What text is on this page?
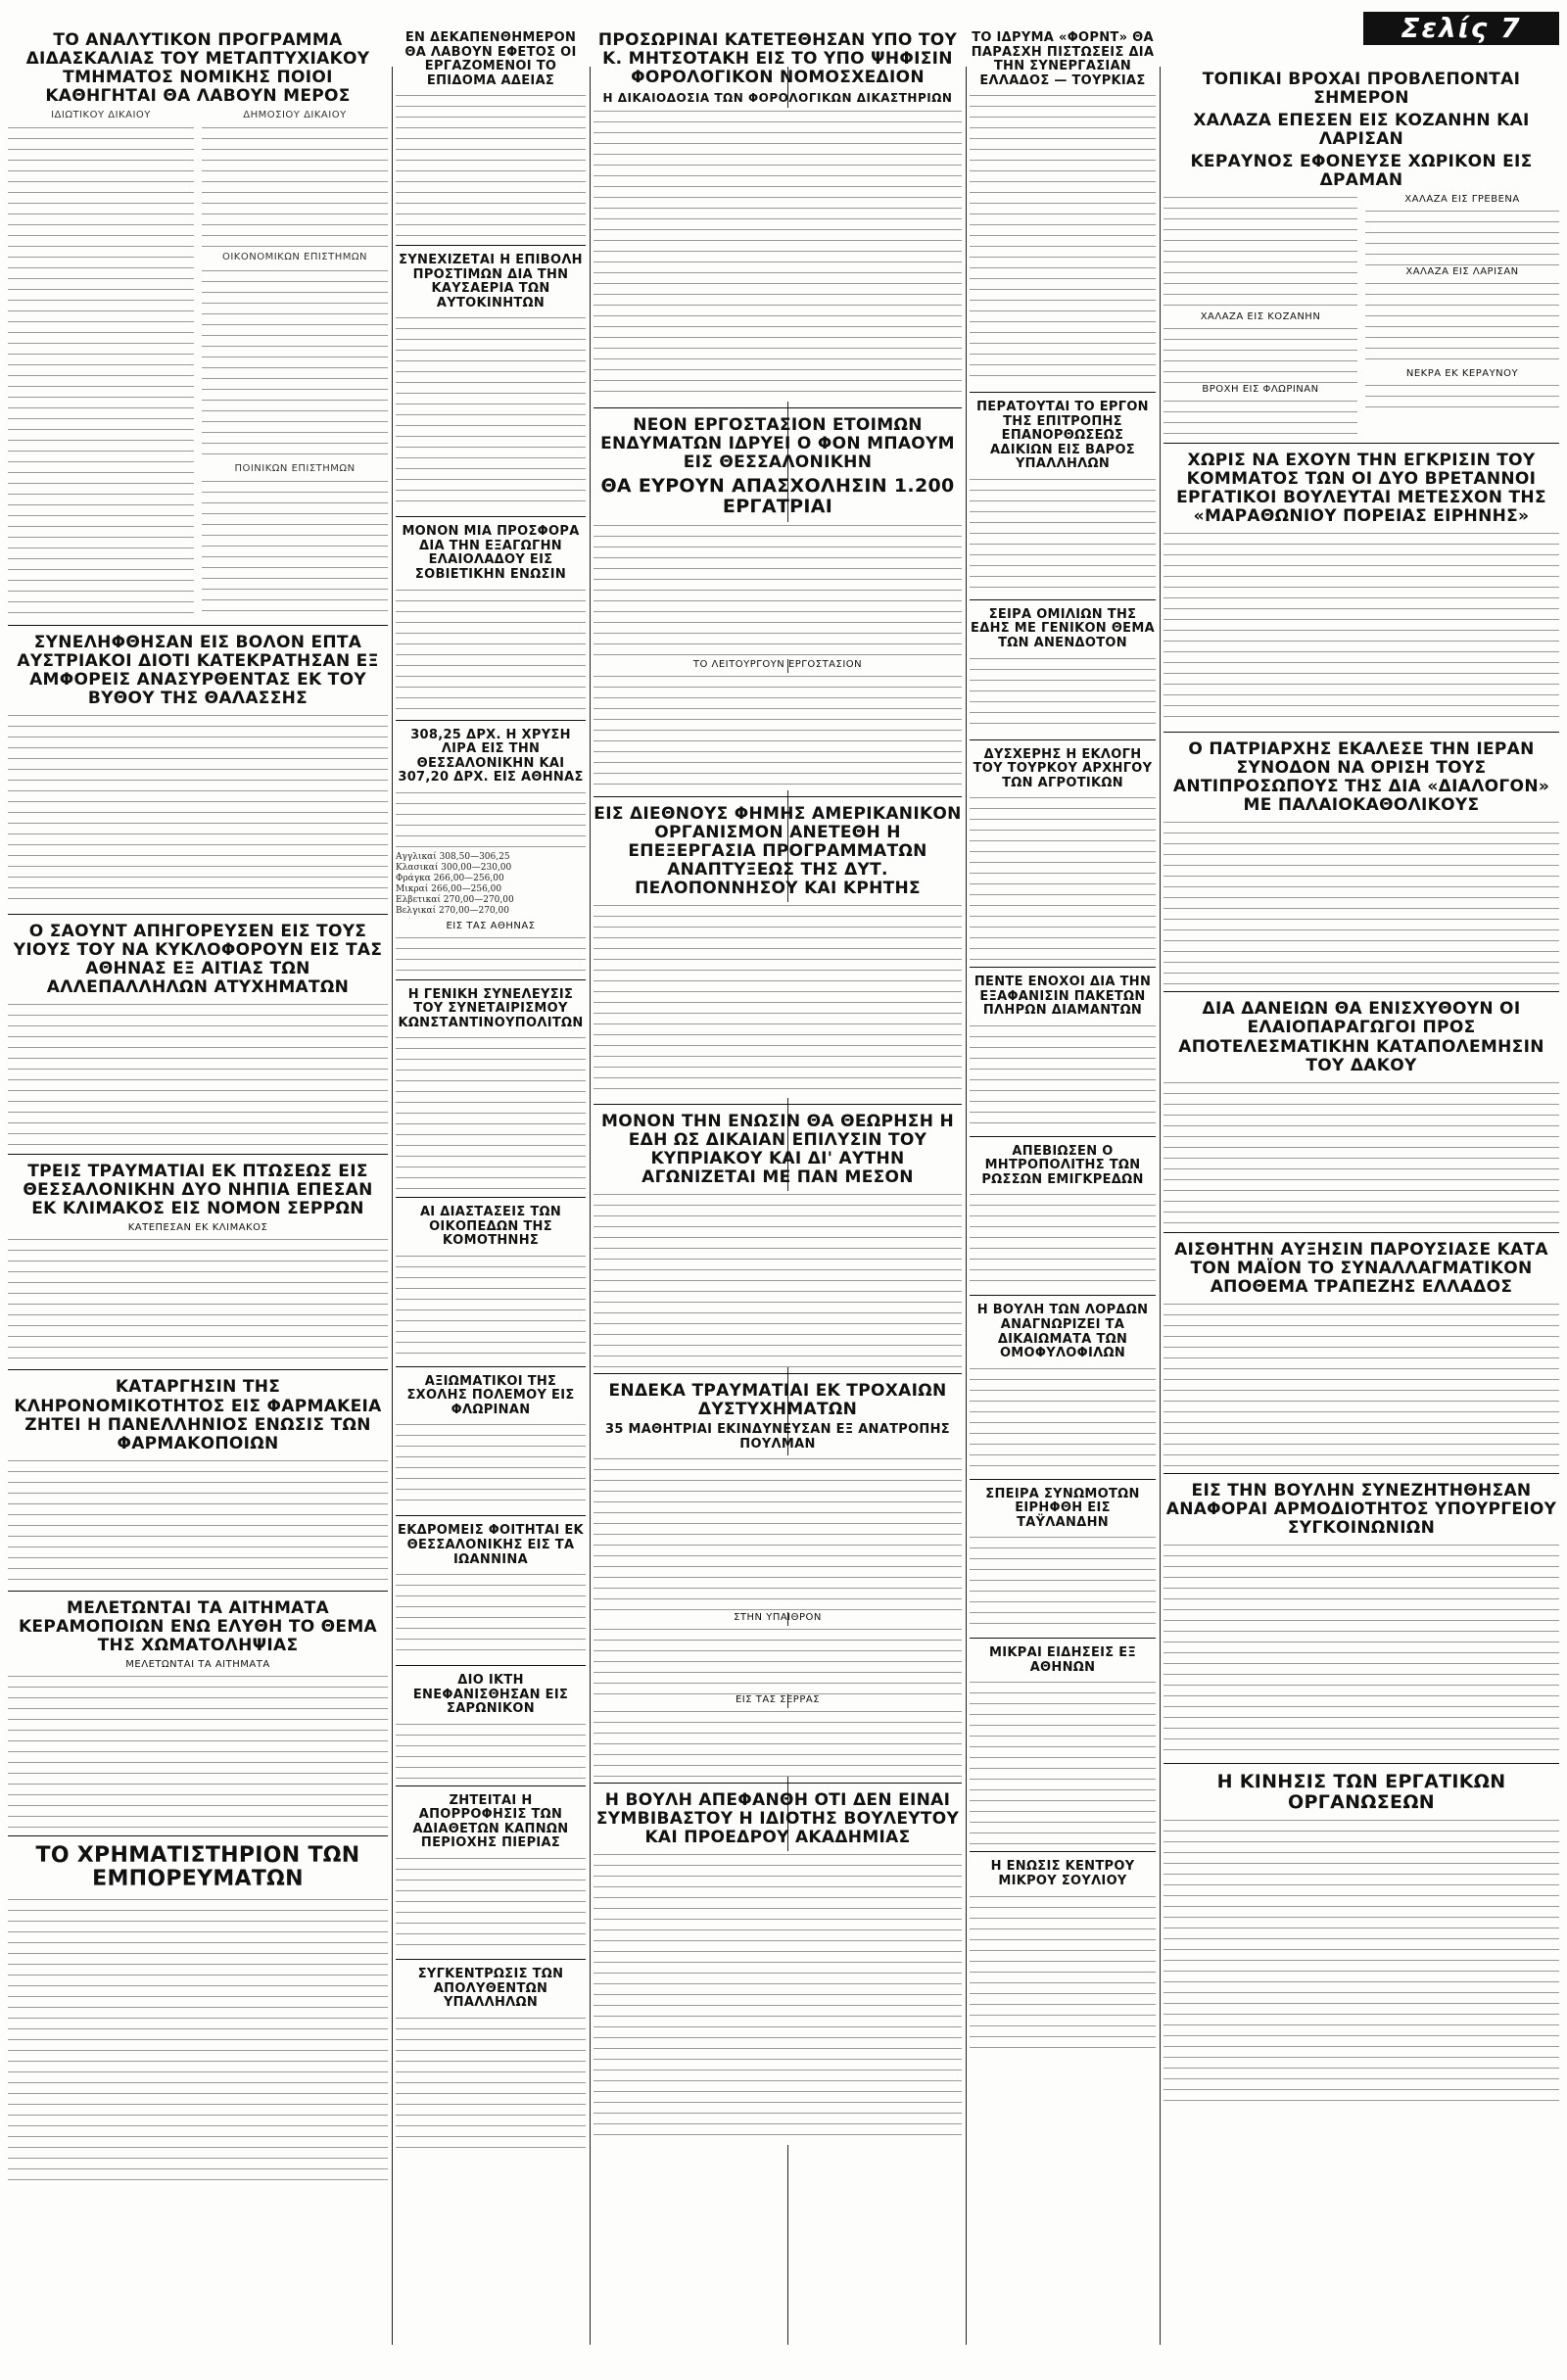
Σελίς 7
ΤΟ ΑΝΑΛΥΤΙΚΟΝ ΠΡΟΓΡΑΜΜΑ ΔΙΔΑΣΚΑΛΙΑΣ ΤΟΥ ΜΕΤΑΠΤΥΧΙΑΚΟΥ ΤΜΗΜΑΤΟΣ ΝΟΜΙΚΗΣ ΠΟΙΟΙ ΚΑΘΗΓΗΤΑΙ ΘΑ ΛΑΒΟΥΝ ΜΕΡΟΣ
ΙΔΙΩΤΙΚΟΥ ΔΙΚΑΙΟΥ	ΔΗΜΟΣΙΟΥ ΔΙΚΑΙΟΥ
ΟΙΚΟΝΟΜΙΚΩΝ ΕΠΙΣΤΗΜΩΝ
ΠΟΙΝΙΚΩΝ ΕΠΙΣΤΗΜΩΝ
ΣΥΝΕΛΗΦΘΗΣΑΝ ΕΙΣ ΒΟΛΟΝ ΕΠΤΑ ΑΥΣΤΡΙΑΚΟΙ ΔΙΟΤΙ ΚΑΤΕΚΡΑΤΗΣΑΝ ΕΞ ΑΜΦΟΡΕΙΣ ΑΝΑΣΥΡΘΕΝΤΑΣ ΕΚ ΤΟΥ ΒΥΘΟΥ ΤΗΣ ΘΑΛΑΣΣΗΣ
Ο ΣΑΟΥΝΤ ΑΠΗΓΟΡΕΥΣΕΝ ΕΙΣ ΤΟΥΣ ΥΙΟΥΣ ΤΟΥ ΝΑ ΚΥΚΛΟΦΟΡΟΥΝ ΕΙΣ ΤΑΣ ΑΘΗΝΑΣ ΕΞ ΑΙΤΙΑΣ ΤΩΝ ΑΛΛΕΠΑΛΛΗΛΩΝ ΑΤΥΧΗΜΑΤΩΝ
ΤΡΕΙΣ ΤΡΑΥΜΑΤΙΑΙ ΕΚ ΠΤΩΣΕΩΣ ΕΙΣ ΘΕΣΣΑΛΟΝΙΚΗΝ ΔΥΟ ΝΗΠΙΑ ΕΠΕΣΑΝ ΕΚ ΚΛΙΜΑΚΟΣ ΕΙΣ ΝΟΜΟΝ ΣΕΡΡΩΝ
ΚΑΤΕΠΕΣΑΝ ΕΚ ΚΛΙΜΑΚΟΣ
ΚΑΤΑΡΓΗΣΙΝ ΤΗΣ ΚΛΗΡΟΝΟΜΙΚΟΤΗΤΟΣ ΕΙΣ ΦΑΡΜΑΚΕΙΑ ΖΗΤΕΙ Η ΠΑΝΕΛΛΗΝΙΟΣ ΕΝΩΣΙΣ ΤΩΝ ΦΑΡΜΑΚΟΠΟΙΩΝ
ΜΕΛΕΤΩΝΤΑΙ ΤΑ ΑΙΤΗΜΑΤΑ ΚΕΡΑΜΟΠΟΙΩΝ ΕΝΩ ΕΛΥΘΗ ΤΟ ΘΕΜΑ ΤΗΣ ΧΩΜΑΤΟΛΗΨΙΑΣ
ΜΕΛΕΤΩΝΤΑΙ ΤΑ ΑΙΤΗΜΑΤΑ
ΤΟ ΧΡΗΜΑΤΙΣΤΗΡΙΟΝ ΤΩΝ ΕΜΠΟΡΕΥΜΑΤΩΝ
ΕΝ ΔΕΚΑΠΕΝΘΗΜΕΡΟΝ ΘΑ ΛΑΒΟΥΝ ΕΦΕΤΟΣ ΟΙ ΕΡΓΑΖΟΜΕΝΟΙ ΤΟ ΕΠΙΔΟΜΑ ΑΔΕΙΑΣ
ΣΥΝΕΧΙΖΕΤΑΙ Η ΕΠΙΒΟΛΗ ΠΡΟΣΤΙΜΩΝ ΔΙΑ ΤΗΝ ΚΑΥΣΑΕΡΙΑ ΤΩΝ ΑΥΤΟΚΙΝΗΤΩΝ
ΜΟΝΟΝ ΜΙΑ ΠΡΟΣΦΟΡΑ ΔΙΑ ΤΗΝ ΕΞΑΓΩΓΗΝ ΕΛΑΙΟΛΑΔΟΥ ΕΙΣ ΣΟΒΙΕΤΙΚΗΝ ΕΝΩΣΙΝ
308,25 ΔΡΧ. Η ΧΡΥΣΗ ΛΙΡΑ ΕΙΣ ΤΗΝ ΘΕΣΣΑΛΟΝΙΚΗΝ ΚΑΙ 307,20 ΔΡΧ. ΕΙΣ ΑΘΗΝΑΣ
Αγγλικαί 308,50—306,25
Κλασικαί 300,00—230,00
Φράγκα 266,00—256,00
Μικραί 266,00—256,00
Ελβετικαί 270,00—270,00
Βελγικαί 270,00—270,00
ΕΙΣ ΤΑΣ ΑΘΗΝΑΣ
Η ΓΕΝΙΚΗ ΣΥΝΕΛΕΥΣΙΣ ΤΟΥ ΣΥΝΕΤΑΙΡΙΣΜΟΥ ΚΩΝΣΤΑΝΤΙΝΟΥΠΟΛΙΤΩΝ
ΑΙ ΔΙΑΣΤΑΣΕΙΣ ΤΩΝ ΟΙΚΟΠΕΔΩΝ ΤΗΣ ΚΟΜΟΤΗΝΗΣ
ΑΞΙΩΜΑΤΙΚΟΙ ΤΗΣ ΣΧΟΛΗΣ ΠΟΛΕΜΟΥ ΕΙΣ ΦΛΩΡΙΝΑΝ
ΕΚΔΡΟΜΕΙΣ ΦΟΙΤΗΤΑΙ ΕΚ ΘΕΣΣΑΛΟΝΙΚΗΣ ΕΙΣ ΤΑ ΙΩΑΝΝΙΝΑ
ΔΙΟ ΙΚΤΗ ΕΝΕΦΑΝΙΣΘΗΣΑΝ ΕΙΣ ΣΑΡΩΝΙΚΟΝ
ΖΗΤΕΙΤΑΙ Η ΑΠΟΡΡΟΦΗΣΙΣ ΤΩΝ ΑΔΙΑΘΕΤΩΝ ΚΑΠΝΩΝ ΠΕΡΙΟΧΗΣ ΠΙΕΡΙΑΣ
ΣΥΓΚΕΝΤΡΩΣΙΣ ΤΩΝ ΑΠΟΛΥΘΕΝΤΩΝ ΥΠΑΛΛΗΛΩΝ
ΠΡΟΣΩΡΙΝΑΙ ΚΑΤΕΤΕΘΗΣΑΝ ΥΠΟ ΤΟΥ Κ. ΜΗΤΣΟΤΑΚΗ ΕΙΣ ΤΟ ΥΠΟ ΨΗΦΙΣΙΝ ΦΟΡΟΛΟΓΙΚΟΝ ΝΟΜΟΣΧΕΔΙΟΝ
Η ΔΙΚΑΙΟΔΟΣΙΑ ΤΩΝ ΦΟΡΟΛΟΓΙΚΩΝ ΔΙΚΑΣΤΗΡΙΩΝ
ΝΕΟΝ ΕΡΓΟΣΤΑΣΙΟΝ ΕΤΟΙΜΩΝ ΕΝΔΥΜΑΤΩΝ ΙΔΡΥΕΙ Ο ΦΟΝ ΜΠΑΟΥΜ ΕΙΣ ΘΕΣΣΑΛΟΝΙΚΗΝ
ΘΑ ΕΥΡΟΥΝ ΑΠΑΣΧΟΛΗΣΙΝ 1.200 ΕΡΓΑΤΡΙΑΙ
ΤΟ ΛΕΙΤΟΥΡΓΟΥΝ ΕΡΓΟΣΤΑΣΙΟΝ
ΕΙΣ ΔΙΕΘΝΟΥΣ ΦΗΜΗΣ ΑΜΕΡΙΚΑΝΙΚΟΝ ΟΡΓΑΝΙΣΜΟΝ ΑΝΕΤΕΘΗ Η ΕΠΕΞΕΡΓΑΣΙΑ ΠΡΟΓΡΑΜΜΑΤΩΝ ΑΝΑΠΤΥΞΕΩΣ ΤΗΣ ΔΥΤ. ΠΕΛΟΠΟΝΝΗΣΟΥ ΚΑΙ ΚΡΗΤΗΣ
ΜΟΝΟΝ ΤΗΝ ΕΝΩΣΙΝ ΘΑ ΘΕΩΡΗΣΗ Η ΕΔΗ ΩΣ ΔΙΚΑΙΑΝ ΕΠΙΛΥΣΙΝ ΤΟΥ ΚΥΠΡΙΑΚΟΥ ΚΑΙ ΔΙ' ΑΥΤΗΝ ΑΓΩΝΙΖΕΤΑΙ ΜΕ ΠΑΝ ΜΕΣΟΝ
ΕΝΔΕΚΑ ΤΡΑΥΜΑΤΙΑΙ ΕΚ ΤΡΟΧΑΙΩΝ ΔΥΣΤΥΧΗΜΑΤΩΝ
35 ΜΑΘΗΤΡΙΑΙ ΕΚΙΝΔΥΝΕΥΣΑΝ ΕΞ ΑΝΑΤΡΟΠΗΣ ΠΟΥΛΜΑΝ
ΣΤΗΝ ΥΠΑΙΘΡΟΝ
ΕΙΣ ΤΑΣ ΣΕΡΡΑΣ
Η ΒΟΥΛΗ ΑΠΕΦΑΝΘΗ ΟΤΙ ΔΕΝ ΕΙΝΑΙ ΣΥΜΒΙΒΑΣΤΟΥ Η ΙΔΙΟΤΗΣ ΒΟΥΛΕΥΤΟΥ ΚΑΙ ΠΡΟΕΔΡΟΥ ΑΚΑΔΗΜΙΑΣ
ΤΟ ΙΔΡΥΜΑ «ΦΟΡΝΤ» ΘΑ ΠΑΡΑΣΧΗ ΠΙΣΤΩΣΕΙΣ ΔΙΑ ΤΗΝ ΣΥΝΕΡΓΑΣΙΑΝ ΕΛΛΑΔΟΣ — ΤΟΥΡΚΙΑΣ
ΠΕΡΑΤΟΥΤΑΙ ΤΟ ΕΡΓΟΝ ΤΗΣ ΕΠΙΤΡΟΠΗΣ ΕΠΑΝΟΡΘΩΣΕΩΣ ΑΔΙΚΙΩΝ ΕΙΣ ΒΑΡΟΣ ΥΠΑΛΛΗΛΩΝ
ΣΕΙΡΑ ΟΜΙΛΙΩΝ ΤΗΣ ΕΔΗΣ ΜΕ ΓΕΝΙΚΟΝ ΘΕΜΑ ΤΩΝ ΑΝΕΝΔΟΤΟΝ
ΔΥΣΧΕΡΗΣ Η ΕΚΛΟΓΗ ΤΟΥ ΤΟΥΡΚΟΥ ΑΡΧΗΓΟΥ ΤΩΝ ΑΓΡΟΤΙΚΩΝ
ΠΕΝΤΕ ΕΝΟΧΟΙ ΔΙΑ ΤΗΝ ΕΞΑΦΑΝΙΣΙΝ ΠΑΚΕΤΩΝ ΠΛΗΡΩΝ ΔΙΑΜΑΝΤΩΝ
ΑΠΕΒΙΩΣΕΝ Ο ΜΗΤΡΟΠΟΛΙΤΗΣ ΤΩΝ ΡΩΣΣΩΝ ΕΜΙΓΚΡΕΔΩΝ
Η ΒΟΥΛΗ ΤΩΝ ΛΟΡΔΩΝ ΑΝΑΓΝΩΡΙΖΕΙ ΤΑ ΔΙΚΑΙΩΜΑΤΑ ΤΩΝ ΟΜΟΦΥΛΟΦΙΛΩΝ
ΣΠΕΙΡΑ ΣΥΝΩΜΟΤΩΝ ΕΙΡΗΦΘΗ ΕΙΣ ΤΑΫΛΑΝΔΗΝ
ΜΙΚΡΑΙ ΕΙΔΗΣΕΙΣ ΕΞ ΑΘΗΝΩΝ
Η ΕΝΩΣΙΣ ΚΕΝΤΡΟΥ ΜΙΚΡΟΥ ΣΟΥΛΙΟΥ
ΤΟΠΙΚΑΙ ΒΡΟΧΑΙ ΠΡΟΒΛΕΠΟΝΤΑΙ ΣΗΜΕΡΟΝ
ΧΑΛΑΖΑ ΕΠΕΣΕΝ ΕΙΣ ΚΟΖΑΝΗΝ ΚΑΙ ΛΑΡΙΣΑΝ
ΚΕΡΑΥΝΟΣ ΕΦΟΝΕΥΣΕ ΧΩΡΙΚΟΝ ΕΙΣ ΔΡΑΜΑΝ
ΧΑΛΑΖΑ ΕΙΣ ΚΟΖΑΝΗΝ
ΒΡΟΧΗ ΕΙΣ ΦΛΩΡΙΝΑΝ
ΧΑΛΑΖΑ ΕΙΣ ΓΡΕΒΕΝΑ
ΧΑΛΑΖΑ ΕΙΣ ΛΑΡΙΣΑΝ
ΝΕΚΡΑ ΕΚ ΚΕΡΑΥΝΟΥ
ΧΩΡΙΣ ΝΑ ΕΧΟΥΝ ΤΗΝ ΕΓΚΡΙΣΙΝ ΤΟΥ ΚΟΜΜΑΤΟΣ ΤΩΝ ΟΙ ΔΥΟ ΒΡΕΤΑΝΝΟΙ ΕΡΓΑΤΙΚΟΙ ΒΟΥΛΕΥΤΑΙ ΜΕΤΕΣΧΟΝ ΤΗΣ «ΜΑΡΑΘΩΝΙΟΥ ΠΟΡΕΙΑΣ ΕΙΡΗΝΗΣ»
Ο ΠΑΤΡΙΑΡΧΗΣ ΕΚΑΛΕΣΕ ΤΗΝ ΙΕΡΑΝ ΣΥΝΟΔΟΝ ΝΑ ΟΡΙΣΗ ΤΟΥΣ ΑΝΤΙΠΡΟΣΩΠΟΥΣ ΤΗΣ ΔΙΑ «ΔΙΑΛΟΓΟΝ» ΜΕ ΠΑΛΑΙΟΚΑΘΟΛΙΚΟΥΣ
ΔΙΑ ΔΑΝΕΙΩΝ ΘΑ ΕΝΙΣΧΥΘΟΥΝ ΟΙ ΕΛΑΙΟΠΑΡΑΓΩΓΟΙ ΠΡΟΣ ΑΠΟΤΕΛΕΣΜΑΤΙΚΗΝ ΚΑΤΑΠΟΛΕΜΗΣΙΝ ΤΟΥ ΔΑΚΟΥ
ΑΙΣΘΗΤΗΝ ΑΥΞΗΣΙΝ ΠΑΡΟΥΣΙΑΣΕ ΚΑΤΑ ΤΟΝ ΜΑΪΟΝ ΤΟ ΣΥΝΑΛΛΑΓΜΑΤΙΚΟΝ ΑΠΟΘΕΜΑ ΤΡΑΠΕΖΗΣ ΕΛΛΑΔΟΣ
ΕΙΣ ΤΗΝ ΒΟΥΛΗΝ ΣΥΝΕΖΗΤΗΘΗΣΑΝ ΑΝΑΦΟΡΑΙ ΑΡΜΟΔΙΟΤΗΤΟΣ ΥΠΟΥΡΓΕΙΟΥ ΣΥΓΚΟΙΝΩΝΙΩΝ
Η ΚΙΝΗΣΙΣ ΤΩΝ ΕΡΓΑΤΙΚΩΝ ΟΡΓΑΝΩΣΕΩΝ
